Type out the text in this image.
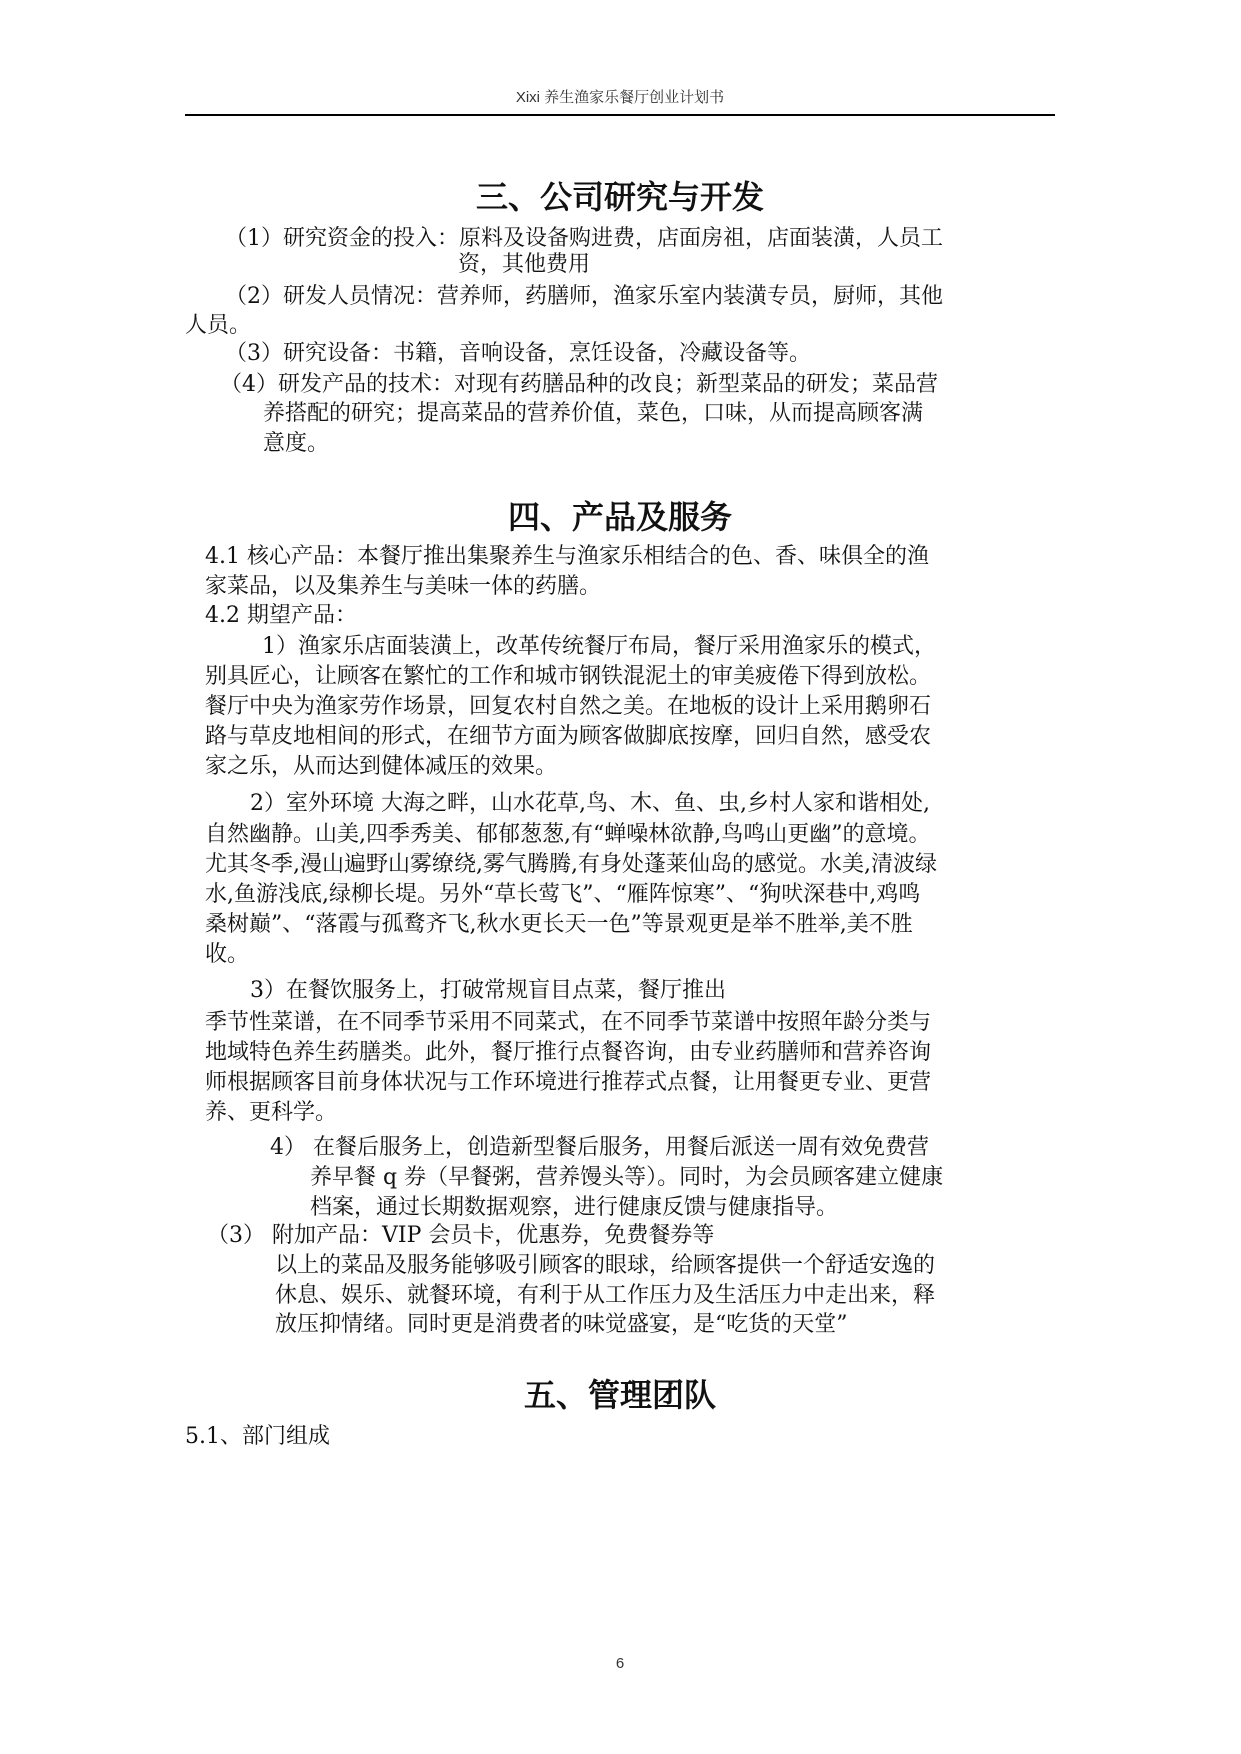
Xixi 养生渔家乐餐厅创业计划书
三、公司研究与开发
（1）研究资金的投入：原料及设备购进费，店面房祖，店面装潢，人员工
资，其他费用
（2）研发人员情况：营养师，药膳师，渔家乐室内装潢专员，厨师，其他
人员。
（3）研究设备：书籍，音响设备，烹饪设备，冷藏设备等。
（4）研发产品的技术：对现有药膳品种的改良；新型菜品的研发；菜品营
养搭配的研究；提高菜品的营养价值，菜色，口味，从而提高顾客满
意度。
四、产品及服务
4.1 核心产品：本餐厅推出集聚养生与渔家乐相结合的色、香、味俱全的渔
家菜品，以及集养生与美味一体的药膳。
4.2 期望产品：
1）渔家乐店面装潢上，改革传统餐厅布局，餐厅采用渔家乐的模式，
别具匠心，让顾客在繁忙的工作和城市钢铁混泥土的审美疲倦下得到放松。
餐厅中央为渔家劳作场景，回复农村自然之美。在地板的设计上采用鹅卵石
路与草皮地相间的形式，在细节方面为顾客做脚底按摩，回归自然，感受农
家之乐，从而达到健体减压的效果。
2）室外环境 大海之畔，山水花草,鸟、木、鱼、虫,乡村人家和谐相处,
自然幽静。山美,四季秀美、郁郁葱葱,有“蝉噪林欲静,鸟鸣山更幽”的意境。
尤其冬季,漫山遍野山雾缭绕,雾气腾腾,有身处蓬莱仙岛的感觉。水美,清波绿
水,鱼游浅底,绿柳长堤。另外“草长莺飞”、“雁阵惊寒”、“狗吠深巷中,鸡鸣
桑树巅”、“落霞与孤鹜齐飞,秋水更长天一色”等景观更是举不胜举,美不胜
收。
3）在餐饮服务上，打破常规盲目点菜，餐厅推出
季节性菜谱，在不同季节采用不同菜式，在不同季节菜谱中按照年龄分类与
地域特色养生药膳类。此外，餐厅推行点餐咨询，由专业药膳师和营养咨询
师根据顾客目前身体状况与工作环境进行推荐式点餐，让用餐更专业、更营
养、更科学。
4） 在餐后服务上，创造新型餐后服务，用餐后派送一周有效免费营
养早餐 q 券（早餐粥，营养馒头等）。同时，为会员顾客建立健康
档案，通过长期数据观察，进行健康反馈与健康指导。
（3） 附加产品：VIP 会员卡，优惠券，免费餐券等
以上的菜品及服务能够吸引顾客的眼球，给顾客提供一个舒适安逸的
休息、娱乐、就餐环境，有利于从工作压力及生活压力中走出来，释
放压抑情绪。同时更是消费者的味觉盛宴，是“吃货的天堂”
五、管理团队
5.1、部门组成
6
